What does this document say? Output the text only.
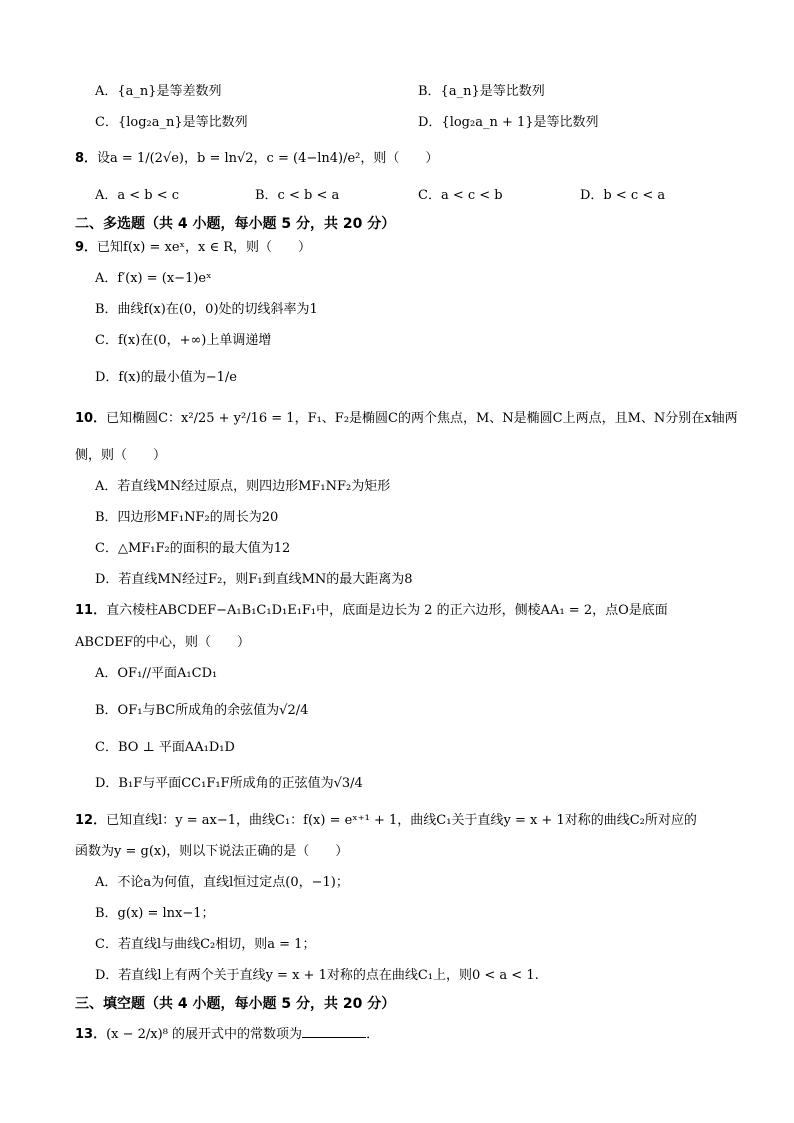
A．{a_n}是等差数列	B．{a_n}是等比数列
C．{log₂a_n}是等比数列	D．{log₂a_n + 1}是等比数列
8．设a = 1/(2√e)，b = ln√2，c = (4−ln4)/e²，则（　　）
A．a < b < c	B．c < b < a	C．a < c < b	D．b < c < a
二、多选题（共 4 小题，每小题 5 分，共 20 分）
9．已知f(x) = xeˣ，x ∈ R，则（　　）
A．f′(x) = (x−1)eˣ
B．曲线f(x)在(0，0)处的切线斜率为1
C．f(x)在(0，+∞)上单调递增
D．f(x)的最小值为−1/e
10．已知椭圆C：x²/25 + y²/16 = 1，F₁、F₂是椭圆C的两个焦点，M、N是椭圆C上两点，且M、N分别在x轴两
侧，则（　　）
A．若直线MN经过原点，则四边形MF₁NF₂为矩形
B．四边形MF₁NF₂的周长为20
C．△MF₁F₂的面积的最大值为12
D．若直线MN经过F₂，则F₁到直线MN的最大距离为8
11．直六棱柱ABCDEF−A₁B₁C₁D₁E₁F₁中，底面是边长为 2 的正六边形，侧棱AA₁ = 2，点O是底面
ABCDEF的中心，则（　　）
A．OF₁//平面A₁CD₁
B．OF₁与BC所成角的余弦值为√2/4
C．BO ⊥ 平面AA₁D₁D
D．B₁F与平面CC₁F₁F所成角的正弦值为√3/4
12．已知直线l：y = ax−1，曲线C₁：f(x) = eˣ⁺¹ + 1，曲线C₁关于直线y = x + 1对称的曲线C₂所对应的
函数为y = g(x)，则以下说法正确的是（　　）
A．不论a为何值，直线l恒过定点(0，−1)；
B．g(x) = lnx−1；
C．若直线l与曲线C₂相切，则a = 1；
D．若直线l上有两个关于直线y = x + 1对称的点在曲线C₁上，则0 < a < 1.
三、填空题（共 4 小题，每小题 5 分，共 20 分）
13．(x − 2/x)⁸ 的展开式中的常数项为	．
